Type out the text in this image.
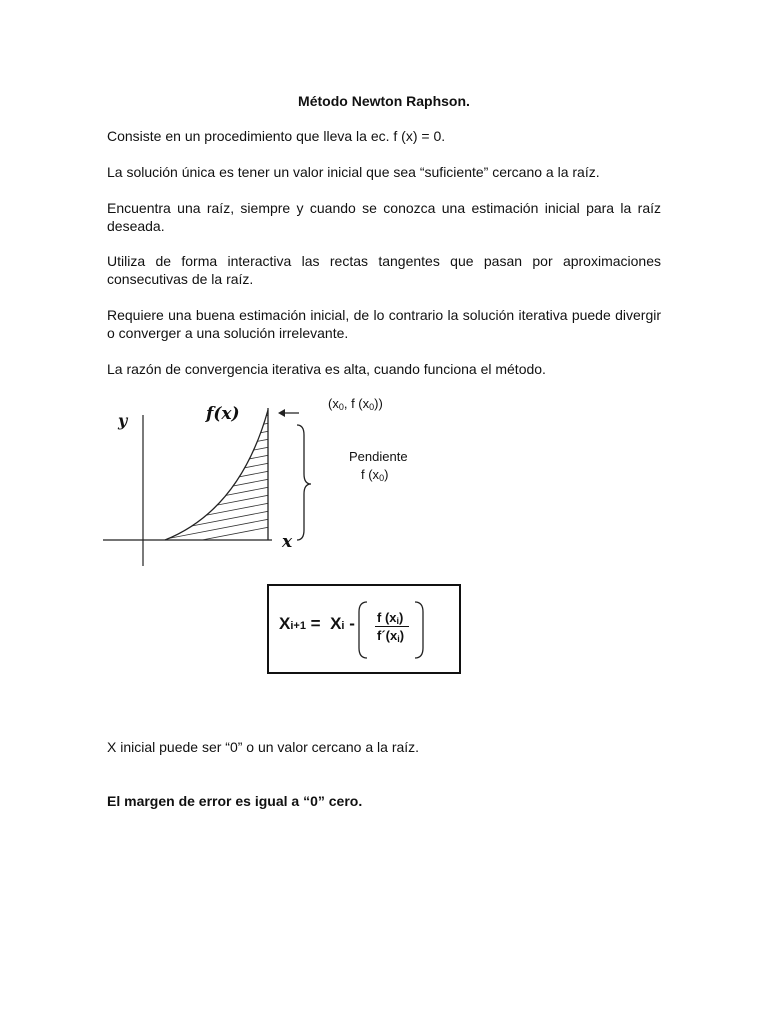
Método Newton Raphson.
Consiste en un procedimiento que lleva la ec. f (x) = 0.
La solución única es tener un valor inicial que sea “suficiente” cercano a la raíz.
Encuentra una raíz, siempre y cuando se conozca una estimación inicial para la raíz deseada.
Utiliza de forma interactiva las rectas tangentes que pasan por aproximaciones consecutivas de la raíz.
Requiere una buena estimación inicial, de lo contrario la solución iterativa puede divergir o converger a una solución irrelevante.
La razón de convergencia iterativa es alta, cuando funciona el método.
y	f(x)
x
(x0, f (x0))
Pendiente
f (x0)
Xi+1 =  Xi - f (xi)
f´(xi)
X inicial puede ser “0” o un valor cercano a la raíz.
El margen de error es igual a “0” cero.
